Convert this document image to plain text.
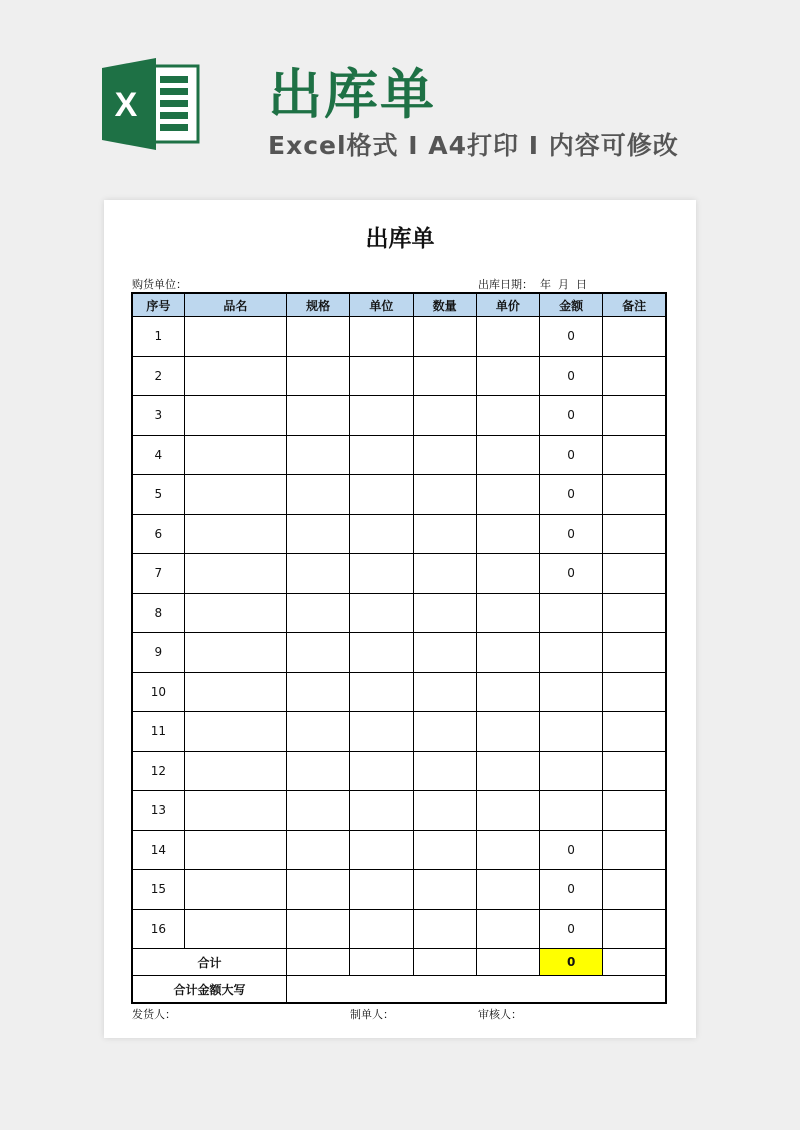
X 出库单
Excel格式 I A4打印 I 内容可修改
出库单
购货单位：	出库日期：  年  月  日
序号	品名	规格	单位	数量	单价	金额	备注
1						0	
2						0	
3						0	
4						0	
5						0	
6						0	
7						0	
8							
9							
10							
11							
12							
13							
14						0	
15						0	
16						0	
合计						0	
合计金额大写							
发货人：	制单人：	审核人：
